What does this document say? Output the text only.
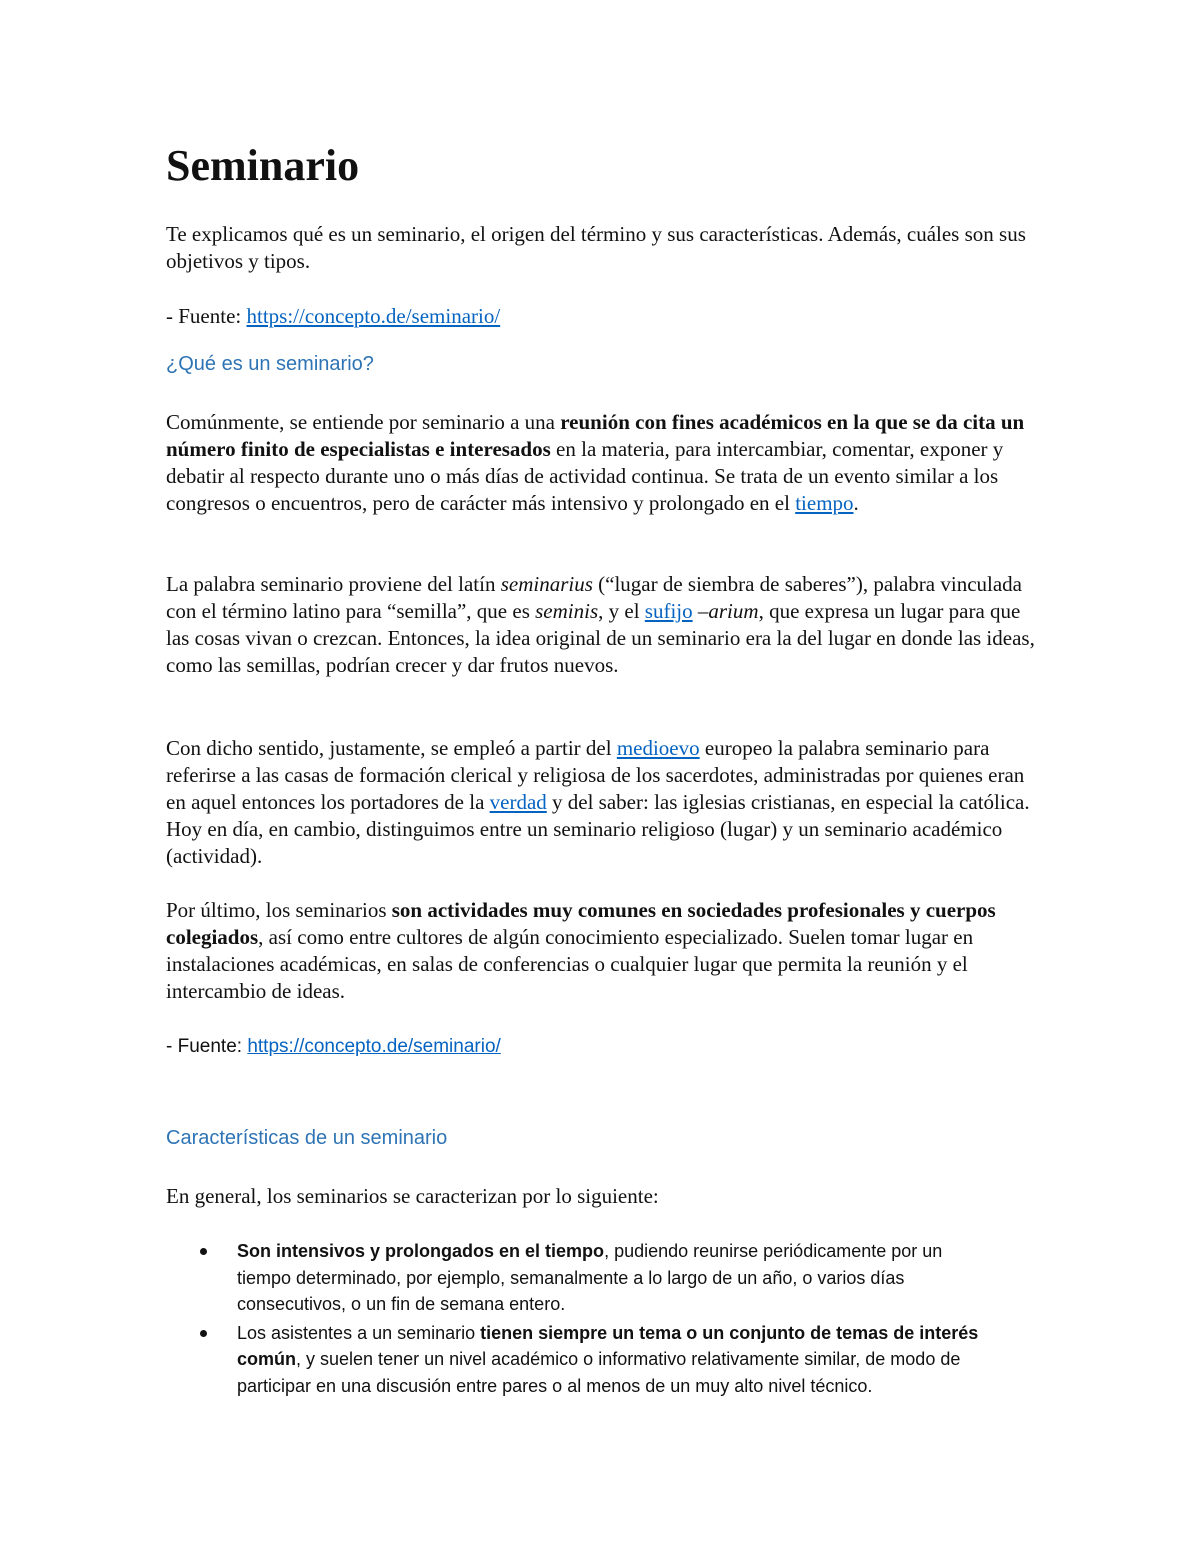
Seminario

Te explicamos qué es un seminario, el origen del término y sus características. Además, cuáles son sus objetivos y tipos.

- Fuente: https://concepto.de/seminario/

¿Qué es un seminario?

Comúnmente, se entiende por seminario a una reunión con fines académicos en la que se da cita un número finito de especialistas e interesados en la materia, para intercambiar, comentar, exponer y debatir al respecto durante uno o más días de actividad continua. Se trata de un evento similar a los congresos o encuentros, pero de carácter más intensivo y prolongado en el tiempo.

La palabra seminario proviene del latín seminarius (“lugar de siembra de saberes”), palabra vinculada con el término latino para “semilla”, que es seminis, y el sufijo –arium, que expresa un lugar para que las cosas vivan o crezcan. Entonces, la idea original de un seminario era la del lugar en donde las ideas, como las semillas, podrían crecer y dar frutos nuevos.

Con dicho sentido, justamente, se empleó a partir del medioevo europeo la palabra seminario para referirse a las casas de formación clerical y religiosa de los sacerdotes, administradas por quienes eran en aquel entonces los portadores de la verdad y del saber: las iglesias cristianas, en especial la católica. Hoy en día, en cambio, distinguimos entre un seminario religioso (lugar) y un seminario académico (actividad).

Por último, los seminarios son actividades muy comunes en sociedades profesionales y cuerpos colegiados, así como entre cultores de algún conocimiento especializado. Suelen tomar lugar en instalaciones académicas, en salas de conferencias o cualquier lugar que permita la reunión y el intercambio de ideas.

- Fuente: https://concepto.de/seminario/

Características de un seminario

En general, los seminarios se caracterizan por lo siguiente:

Son intensivos y prolongados en el tiempo, pudiendo reunirse periódicamente por un tiempo determinado, por ejemplo, semanalmente a lo largo de un año, o varios días consecutivos, o un fin de semana entero.
Los asistentes a un seminario tienen siempre un tema o un conjunto de temas de interés común, y suelen tener un nivel académico o informativo relativamente similar, de modo de participar en una discusión entre pares o al menos de un muy alto nivel técnico.
